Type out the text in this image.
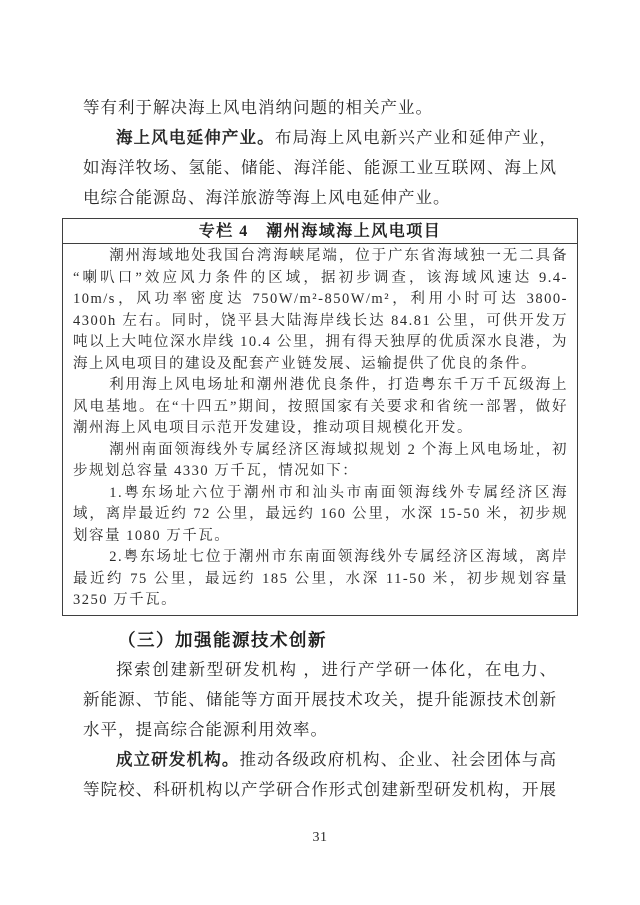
等有利于解决海上风电消纳问题的相关产业。

海上风电延伸产业。布局海上风电新兴产业和延伸产业，如海洋牧场、氢能、储能、海洋能、能源工业互联网、海上风电综合能源岛、海洋旅游等海上风电延伸产业。

专栏 4　潮州海域海上风电项目

潮州海域地处我国台湾海峡尾端，位于广东省海域独一无二具备“喇叭口”效应风力条件的区域，据初步调查，该海域风速达 9.4-10m/s，风功率密度达 750W/m²-850W/m²，利用小时可达 3800-4300h 左右。同时，饶平县大陆海岸线长达 84.81 公里，可供开发万吨以上大吨位深水岸线 10.4 公里，拥有得天独厚的优质深水良港，为海上风电项目的建设及配套产业链发展、运输提供了优良的条件。

利用海上风电场址和潮州港优良条件，打造粤东千万千瓦级海上风电基地。在“十四五”期间，按照国家有关要求和省统一部署，做好潮州海上风电项目示范开发建设，推动项目规模化开发。

潮州南面领海线外专属经济区海域拟规划 2 个海上风电场址，初步规划总容量 4330 万千瓦，情况如下：

1.粤东场址六位于潮州市和汕头市南面领海线外专属经济区海域，离岸最近约 72 公里，最远约 160 公里，水深 15-50 米，初步规划容量 1080 万千瓦。

2.粤东场址七位于潮州市东南面领海线外专属经济区海域，离岸最近约 75 公里，最远约 185 公里，水深 11-50 米，初步规划容量 3250 万千瓦。

（三）加强能源技术创新

探索创建新型研发机构 ，进行产学研一体化，在电力、新能源、节能、储能等方面开展技术攻关，提升能源技术创新水平，提高综合能源利用效率。

成立研发机构。推动各级政府机构、企业、社会团体与高等院校、科研机构以产学研合作形式创建新型研发机构，开展

31
